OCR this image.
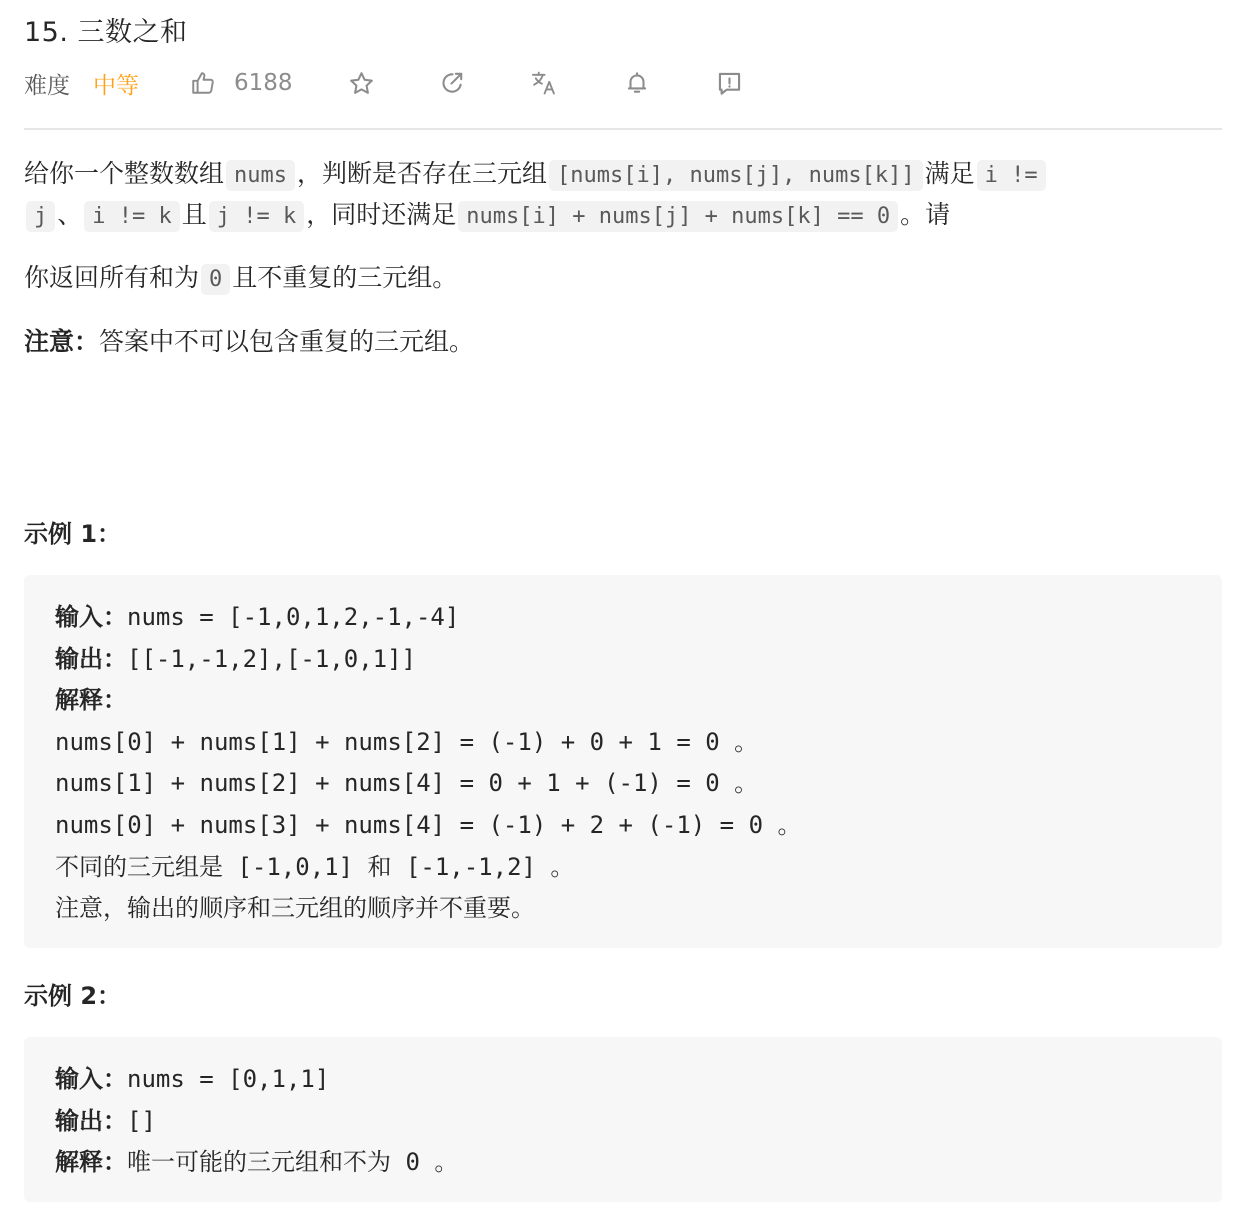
15. 三数之和
难度 中等	6188

给你一个整数数组 nums ，判断是否存在三元组 [nums[i], nums[j], nums[k]] 满足 i !=

j 、 i != k 且 j != k ，同时还满足 nums[i] + nums[j] + nums[k] == 0 。请

你返回所有和为 0 且不重复的三元组。

注意：答案中不可以包含重复的三元组。

示例 1：
输入：nums = [-1,0,1,2,-1,-4]
输出：[[-1,-1,2],[-1,0,1]]
解释：
nums[0] + nums[1] + nums[2] = (-1) + 0 + 1 = 0 。
nums[1] + nums[2] + nums[4] = 0 + 1 + (-1) = 0 。
nums[0] + nums[3] + nums[4] = (-1) + 2 + (-1) = 0 。
不同的三元组是 [-1,0,1] 和 [-1,-1,2] 。
注意，输出的顺序和三元组的顺序并不重要。
示例 2：
输入：nums = [0,1,1]
输出：[]
解释：唯一可能的三元组和不为 0 。
